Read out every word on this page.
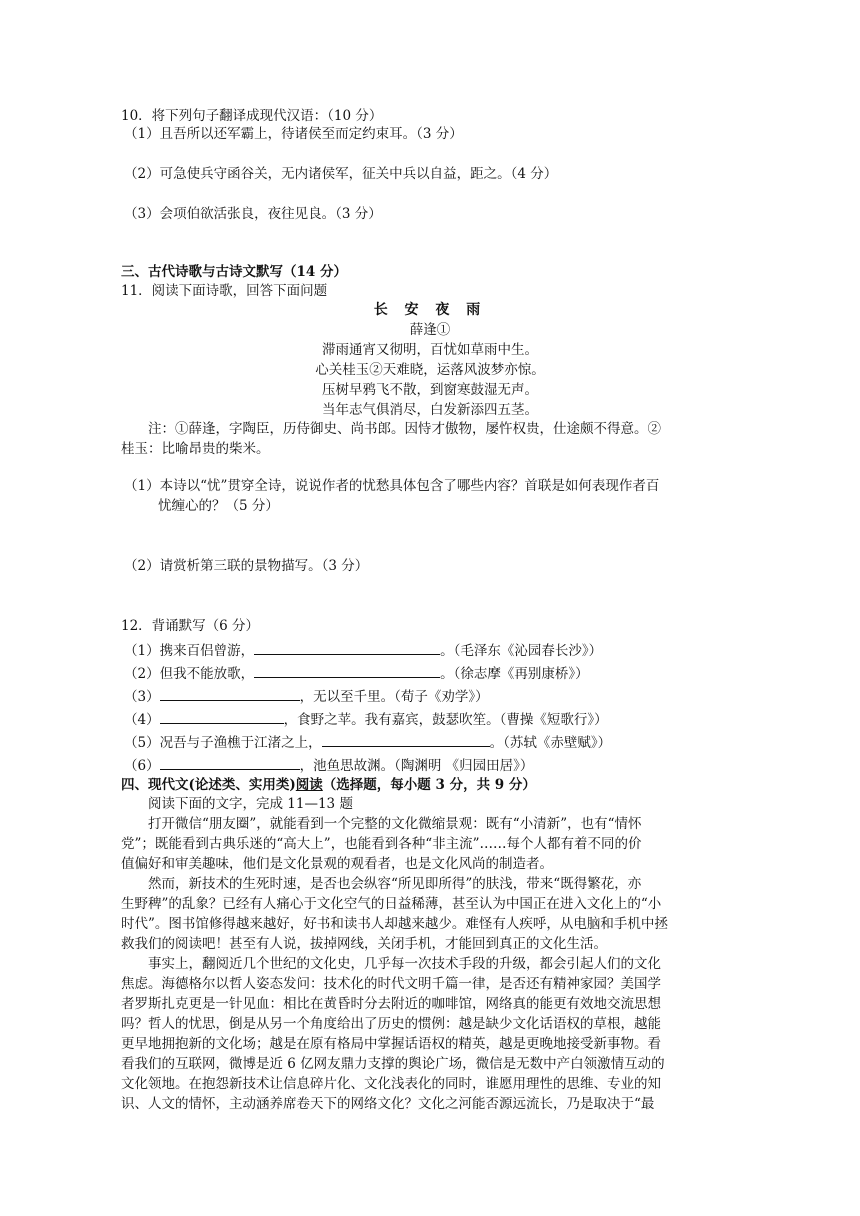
10．将下列句子翻译成现代汉语：（10 分）
（1）且吾所以还军霸上，待诸侯至而定约束耳。（3 分）
（2）可急使兵守函谷关，无内诸侯军，征关中兵以自益，距之。（4 分）
（3）会项伯欲活张良，夜往见良。（3 分）
三、古代诗歌与古诗文默写（14 分）
11．阅读下面诗歌，回答下面问题
长 安 夜 雨
薛逢①
滞雨通宵又彻明，百忧如草雨中生。
心关桂玉②天难晓，运落风波梦亦惊。
压树早鸦飞不散，到窗寒鼓湿无声。
当年志气俱消尽，白发新添四五茎。
注：①薛逢，字陶臣，历侍御史、尚书郎。因恃才傲物，屡忤权贵，仕途颇不得意。②
桂玉：比喻昂贵的柴米。
（1）本诗以“忧”贯穿全诗，说说作者的忧愁具体包含了哪些内容？首联是如何表现作者百
忧缠心的？（5 分）
（2）请赏析第三联的景物描写。（3 分）
12．背诵默写（6 分）
（1）携来百侣曾游，	。（毛泽东《沁园春长沙》）
（2）但我不能放歌，	。（徐志摩《再别康桥》）
（3）	，无以至千里。（荀子《劝学》）
（4）	，食野之苹。我有嘉宾，鼓瑟吹笙。（曹操《短歌行》）
（5）况吾与子渔樵于江渚之上，	。（苏轼《赤壁赋》）
（6）	，池鱼思故渊。（陶渊明 《归园田居》）
四、现代文(论述类、实用类)阅读（选择题，每小题 3 分，共 9 分）
阅读下面的文字，完成 11—13 题
打开微信“朋友圈”，就能看到一个完整的文化微缩景观：既有“小清新”，也有“情怀
党”；既能看到古典乐迷的“高大上”，也能看到各种“非主流”……每个人都有着不同的价
值偏好和审美趣味，他们是文化景观的观看者，也是文化风尚的制造者。
然而，新技术的生死时速，是否也会纵容“所见即所得”的肤浅，带来“既得繁花，亦
生野稗”的乱象？已经有人痛心于文化空气的日益稀薄，甚至认为中国正在进入文化上的“小
时代”。图书馆修得越来越好，好书和读书人却越来越少。难怪有人疾呼，从电脑和手机中拯
救我们的阅读吧！甚至有人说，拔掉网线，关闭手机，才能回到真正的文化生活。
事实上，翻阅近几个世纪的文化史，几乎每一次技术手段的升级，都会引起人们的文化
焦虑。海德格尔以哲人姿态发问：技术化的时代文明千篇一律，是否还有精神家园？美国学
者罗斯扎克更是一针见血：相比在黄昏时分去附近的咖啡馆，网络真的能更有效地交流思想
吗？哲人的忧思，倒是从另一个角度给出了历史的惯例：越是缺少文化话语权的草根，越能
更早地拥抱新的文化场；越是在原有格局中掌握话语权的精英，越是更晚地接受新事物。看
看我们的互联网，微博是近 6 亿网友鼎力支撑的舆论广场，微信是无数中产白领激情互动的
文化领地。在抱怨新技术让信息碎片化、文化浅表化的同时，谁愿用理性的思维、专业的知
识、人文的情怀，主动涵养席卷天下的网络文化？文化之河能否源远流长，乃是取决于“最
